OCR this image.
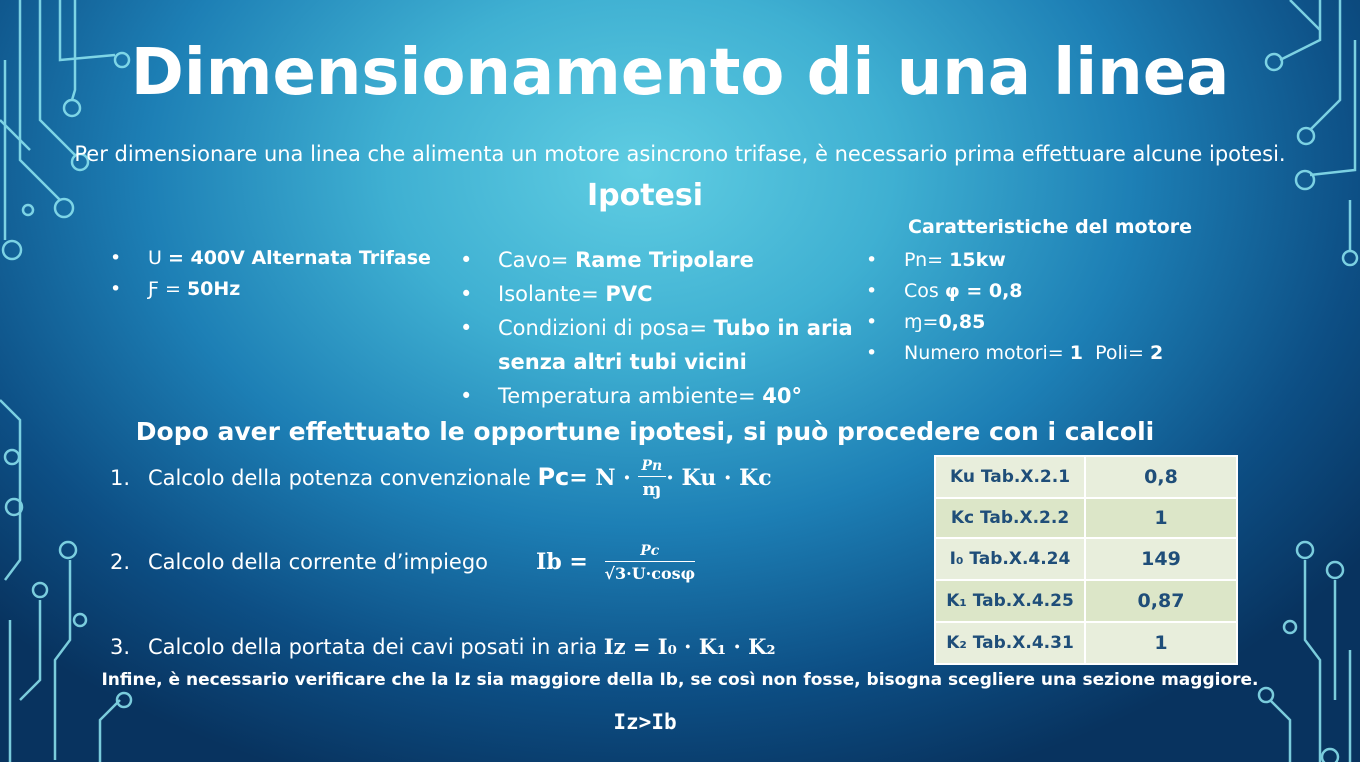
Dimensionamento di una linea
Per dimensionare una linea che alimenta un motore asincrono trifase, è necessario prima effettuare alcune ipotesi.
Ipotesi
Caratteristiche del motore
• U = 400V Alternata Trifase
• Ƒ = 50Hz
• Cavo= Rame Tripolare
• Isolante= PVC
• Condizioni di posa= Tubo in aria senza altri tubi vicini
• Temperatura ambiente= 40°
• Pn= 15kw
• Cos φ = 0,8
• ɱ=0,85
• Numero motori= 1  Poli= 2
Dopo aver effettuato le opportune ipotesi, si può procedere con i calcoli
1. Calcolo della potenza convenzionale $Pc= N \cdot \frac{Pn}{\text{ɱ}} \cdot Ku \cdot Kc$
2. Calcolo della corrente d’impiego $Ib = \frac{Pc}{√3\cdot U\cdot\cos\varphi}$
3. Calcolo della portata dei cavi posati in aria Iz = I₀ · K₁ · K₂
Ku Tab.X.2.1	0,8
Kc Tab.X.2.2	1
I₀ Tab.X.4.24	149
K₁ Tab.X.4.25	0,87
K₂ Tab.X.4.31	1
Infine, è necessario verificare che la Iz sia maggiore della Ib, se così non fosse, bisogna scegliere una sezione maggiore.
Iz>Ib
